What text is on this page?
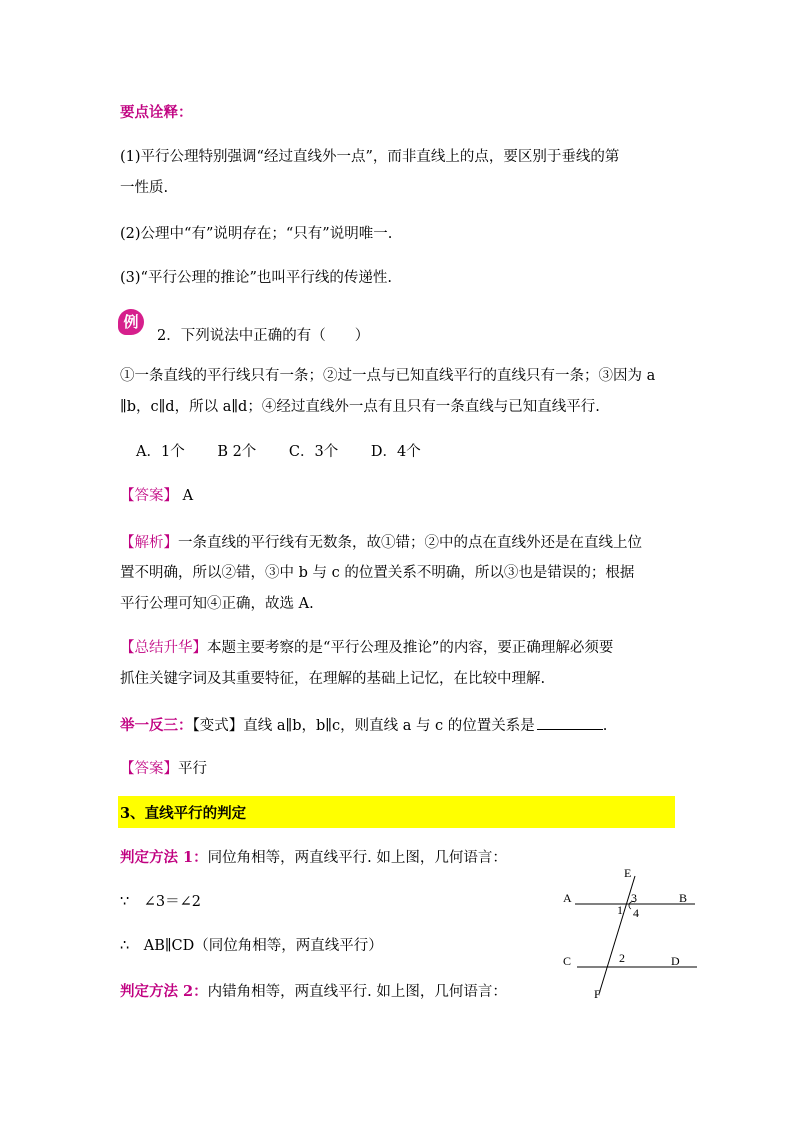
要点诠释：
(1)平行公理特别强调“经过直线外一点”，而非直线上的点，要区别于垂线的第
一性质.
(2)公理中“有”说明存在；“只有”说明唯一.
(3)“平行公理的推论”也叫平行线的传递性.
例
2．下列说法中正确的有（　　）
①一条直线的平行线只有一条；②过一点与已知直线平行的直线只有一条；③因为 a
∥b，c∥d，所以 a∥d；④经过直线外一点有且只有一条直线与已知直线平行.
A．1个 B 2个 C．3个 D．4个
【答案】 A
【解析】一条直线的平行线有无数条，故①错；②中的点在直线外还是在直线上位
置不明确，所以②错，③中 b 与 c 的位置关系不明确，所以③也是错误的；根据
平行公理可知④正确，故选 A.
【总结升华】本题主要考察的是“平行公理及推论”的内容，要正确理解必须要
抓住关键字词及其重要特征，在理解的基础上记忆，在比较中理解.
举一反三：【变式】直线 a∥b，b∥c，则直线 a 与 c 的位置关系是	.
【答案】平行
3、直线平行的判定
判定方法 1：同位角相等，两直线平行. 如上图，几何语言：
∵　∠3＝∠2
∴　AB∥CD（同位角相等，两直线平行）
判定方法 2：内错角相等，两直线平行. 如上图，几何语言：
E
A	B
3
1 4
C	2	D
F
